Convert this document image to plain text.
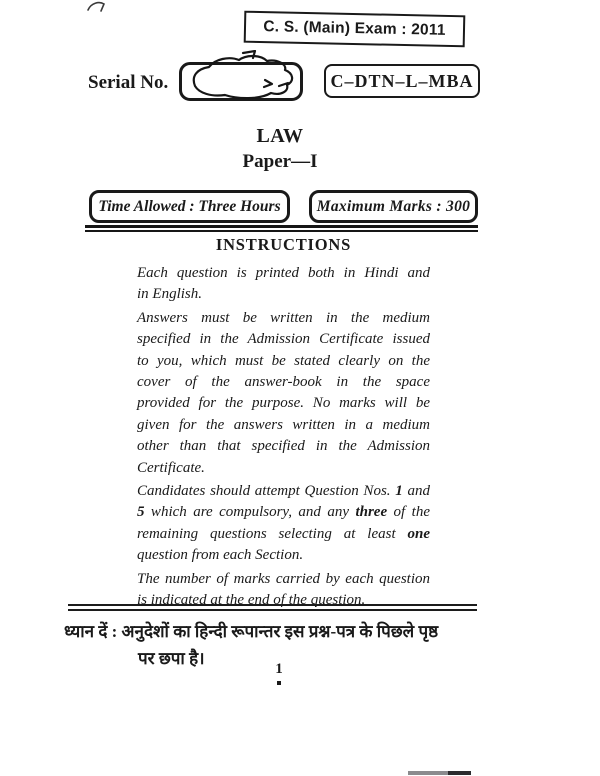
C. S. (Main) Exam : 2011
Serial No.	C–DTN–L–MBA
LAW
Paper—I
Time Allowed : Three Hours Maximum Marks : 300
INSTRUCTIONS

Each question is printed both in Hindi and
in English.

Answers must be written in the medium
specified in the Admission Certificate issued
to you, which must be stated clearly on the
cover of the answer-book in the space
provided for the purpose. No marks will be
given for the answers written in a medium
other than that specified in the Admission
Certificate.

Candidates should attempt Question Nos. 1 and
5 which are compulsory, and any three of the
remaining questions selecting at least one
question from each Section.

The number of marks carried by each question
is indicated at the end of the question.

ध्यान दें : अनुदेशों का हिन्दी रूपान्तर इस प्रश्न-पत्र के पिछले पृष्ठ
पर छपा है।
1
